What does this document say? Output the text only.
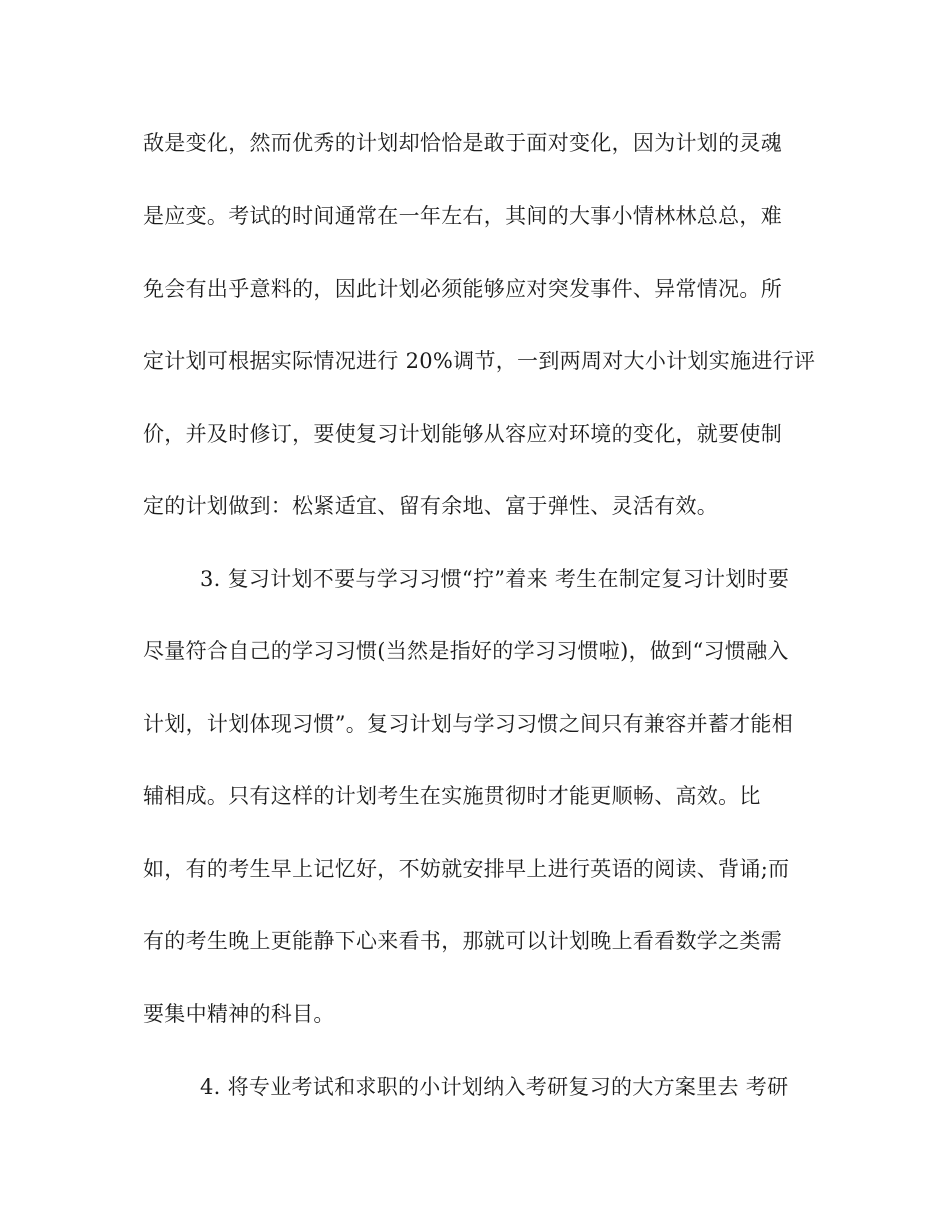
敌是变化，然而优秀的计划却恰恰是敢于面对变化，因为计划的灵魂
是应变。考试的时间通常在一年左右，其间的大事小情林林总总，难
免会有出乎意料的，因此计划必须能够应对突发事件、异常情况。所
定计划可根据实际情况进行 20%调节，一到两周对大小计划实施进行评
价，并及时修订，要使复习计划能够从容应对环境的变化，就要使制
定的计划做到：松紧适宜、留有余地、富于弹性、灵活有效。
3. 复习计划不要与学习习惯“拧”着来 考生在制定复习计划时要
尽量符合自己的学习习惯(当然是指好的学习习惯啦)，做到“习惯融入
计划，计划体现习惯”。复习计划与学习习惯之间只有兼容并蓄才能相
辅相成。只有这样的计划考生在实施贯彻时才能更顺畅、高效。比
如，有的考生早上记忆好，不妨就安排早上进行英语的阅读、背诵;而
有的考生晚上更能静下心来看书，那就可以计划晚上看看数学之类需
要集中精神的科目。
4. 将专业考试和求职的小计划纳入考研复习的大方案里去 考研
